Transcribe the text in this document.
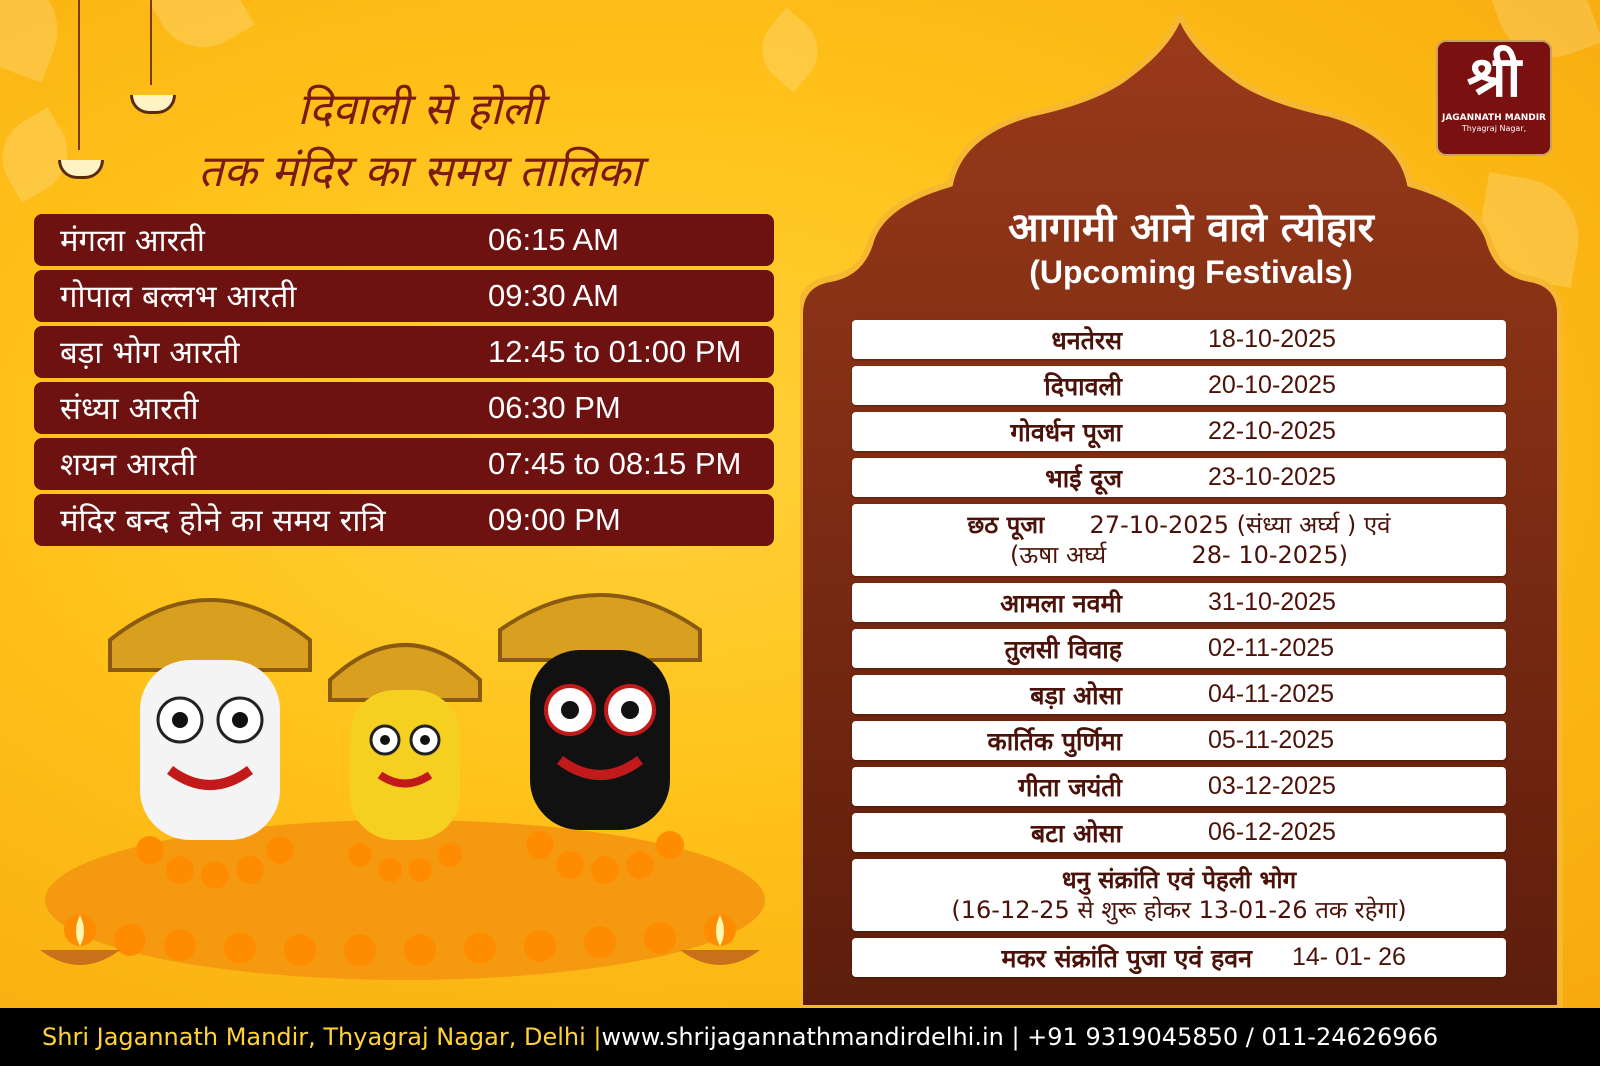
दिवाली से होली
तक मंदिर का समय तालिका
मंगला आरती	06:15 AM
गोपाल बल्लभ आरती	09:30 AM
बड़ा भोग आरती	12:45 to 01:00 PM
संध्या आरती	06:30 PM
शयन आरती	07:45 to 08:15 PM
मंदिर बन्द होने का समय रात्रि	09:00 PM
आगामी आने वाले त्योहार
(Upcoming Festivals)
धनतेरस	18-10-2025
दिपावली	20-10-2025
गोवर्धन पूजा	22-10-2025
भाई दूज	23-10-2025
छठ पूजा 27-10-2025 (संध्या अर्घ्य ) एवं
(ऊषा अर्घ्य	28- 10-2025)
आमला नवमी	31-10-2025
तुलसी विवाह	02-11-2025
बड़ा ओसा	04-11-2025
कार्तिक पुर्णिमा	05-11-2025
गीता जयंती	03-12-2025
बटा ओसा	06-12-2025
धनु संक्रांति एवं पेहली भोग
(16-12-25 से शुरू होकर 13-01-26 तक रहेगा)
मकर संक्रांति पुजा एवं हवन	14- 01- 26
श्री
JAGANNATH MANDIR
Thyagraj Nagar,
Shri Jagannath Mandir, Thyagraj Nagar, Delhi | www.shrijagannathmandirdelhi.in | +91 9319045850 / 011-24626966
